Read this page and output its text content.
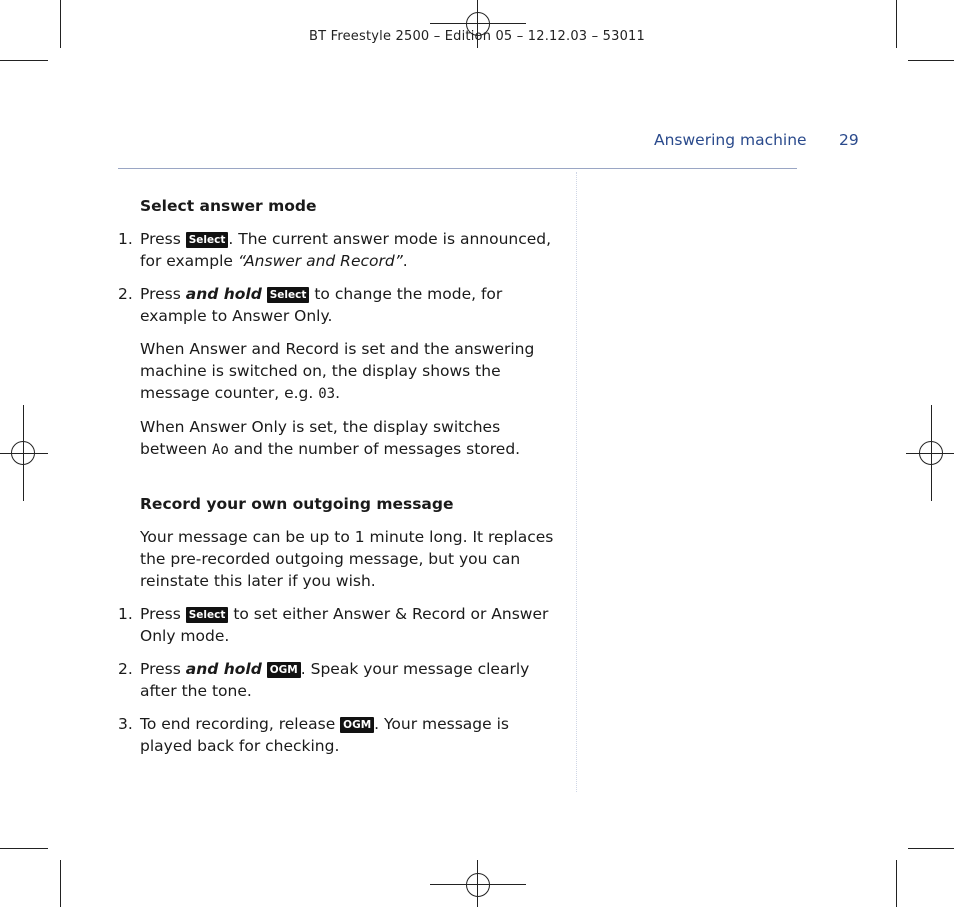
BT Freestyle 2500 – Edition 05 – 12.12.03 – 53011
Answering machine 29
Select answer mode
1. Press Select . The current answer mode is announced, for example “Answer and Record”.
2. Press and hold Select to change the mode, for example to Answer Only.
When Answer and Record is set and the answering machine is switched on, the display shows the message counter, e.g. 03.
When Answer Only is set, the display switches between Ao and the number of messages stored.
Record your own outgoing message
Your message can be up to 1 minute long. It replaces the pre-recorded outgoing message, but you can reinstate this later if you wish.
1. Press Select to set either Answer & Record or Answer Only mode.
2. Press and hold OGM . Speak your message clearly after the tone.
3. To end recording, release OGM . Your message is played back for checking.
